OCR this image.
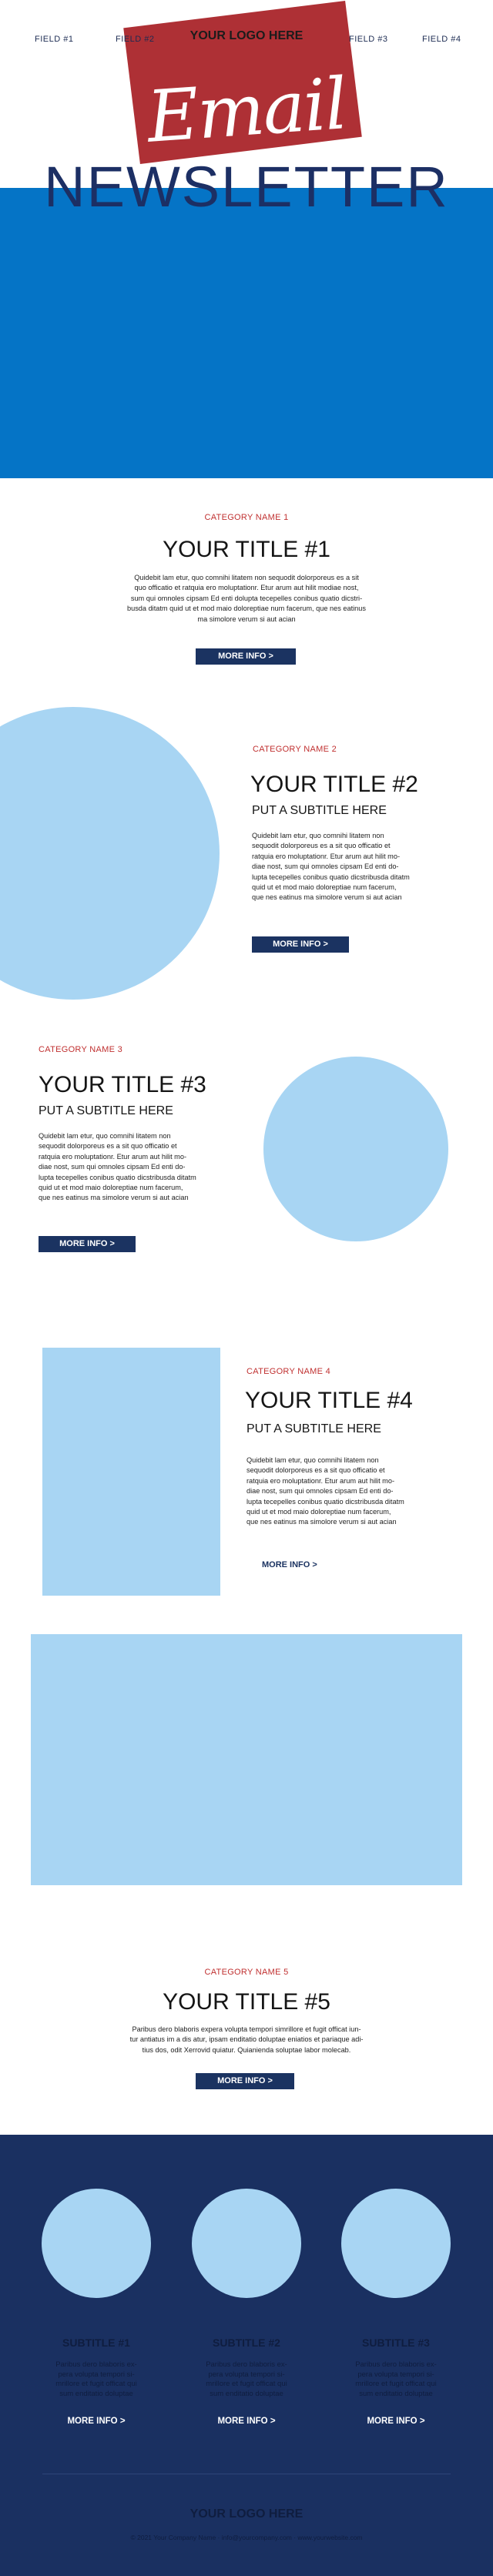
FIELD #1	FIELD #2	FIELD #3	FIELD #4
YOUR LOGO HERE
Email
NEWSLETTER
CATEGORY NAME 1
YOUR TITLE #1
Quidebit lam etur, quo comnihi litatem non sequodit dolorporeus es a sit
quo officatio et ratquia ero moluptationr. Etur arum aut hilit modiae nost,
sum qui omnoles cipsam Ed enti dolupta tecepelles conibus quatio dicstri-
busda ditatm quid ut et mod maio doloreptiae num facerum, que nes eatinus
ma simolore verum si aut acian
MORE INFO >
CATEGORY NAME 2
YOUR TITLE #2
PUT A SUBTITLE HERE
Quidebit lam etur, quo comnihi litatem non
sequodit dolorporeus es a sit quo officatio et
ratquia ero moluptationr. Etur arum aut hilit mo-
diae nost, sum qui omnoles cipsam Ed enti do-
lupta tecepelles conibus quatio dicstribusda ditatm
quid ut et mod maio doloreptiae num facerum,
que nes eatinus ma simolore verum si aut acian
MORE INFO >
CATEGORY NAME 3
YOUR TITLE #3
PUT A SUBTITLE HERE
Quidebit lam etur, quo comnihi litatem non
sequodit dolorporeus es a sit quo officatio et
ratquia ero moluptationr. Etur arum aut hilit mo-
diae nost, sum qui omnoles cipsam Ed enti do-
lupta tecepelles conibus quatio dicstribusda ditatm
quid ut et mod maio doloreptiae num facerum,
que nes eatinus ma simolore verum si aut acian
MORE INFO >
CATEGORY NAME 4
YOUR TITLE #4
PUT A SUBTITLE HERE
Quidebit lam etur, quo comnihi litatem non
sequodit dolorporeus es a sit quo officatio et
ratquia ero moluptationr. Etur arum aut hilit mo-
diae nost, sum qui omnoles cipsam Ed enti do-
lupta tecepelles conibus quatio dicstribusda ditatm
quid ut et mod maio doloreptiae num facerum,
que nes eatinus ma simolore verum si aut acian
MORE INFO >
CATEGORY NAME 5
YOUR TITLE #5
Paribus dero blaboris expera volupta tempori simrillore et fugit officat iun-
tur antiatus im a dis atur, ipsam enditatio doluptae eniatios et pariaque adi-
tius dos, odit Xerrovid quiatur. Quianienda soluptae labor molecab.
MORE INFO >
SUBTITLE #1	SUBTITLE #2	SUBTITLE #3
Paribus dero blaboris ex-
pera volupta tempori si-
mrillore et fugit officat qui
sum enditatio doluptae
Paribus dero blaboris ex-
pera volupta tempori si-
mrillore et fugit officat qui
sum enditatio doluptae
Paribus dero blaboris ex-
pera volupta tempori si-
mrillore et fugit officat qui
sum enditatio doluptae
MORE INFO >	MORE INFO >	MORE INFO >
YOUR LOGO HERE
© 2021 Your Company Name · info@yourcompany.com · www.yourwebsite.com
